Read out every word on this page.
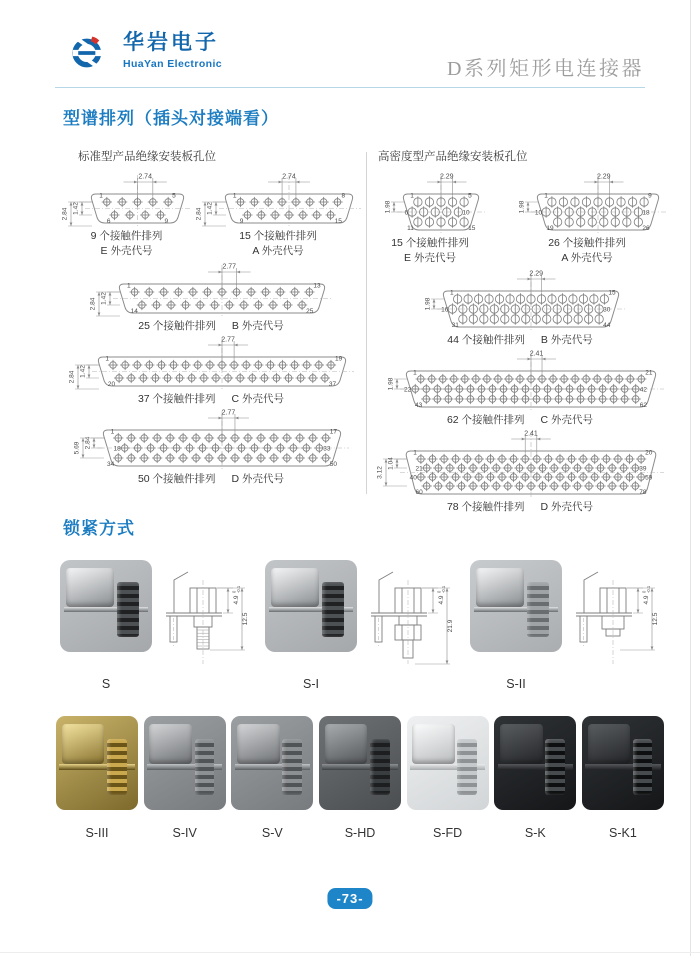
华岩电子
HuaYan Electronic	D系列矩形电连接器
型谱排列（插头对接端看）
标准型产品绝缘安装板孔位
1	5
6	9
2.74
1.42
2.84
9 个接触件排列
E 外壳代号
1	8
9	15
2.74
1.42
2.84
15 个接触件排列
A 外壳代号
1	13
14	25
2.77
1.42
2.84
25 个接触件排列 B 外壳代号
1	19
20	37
2.77
1.42
2.84
37 个接触件排列 C 外壳代号
1	17
18	33
34	50
2.77
2.84
5.69
50 个接触件排列 D 外壳代号
高密度型产品绝缘安装板孔位
1	5
6	10
11	15
2.29
1.98
15 个接触件排列
E 外壳代号
1	9
10	18
19	26
2.29
1.98
26 个接触件排列
A 外壳代号
1	15
16	30
31	44
2.29
1.98
44 个接触件排列 B 外壳代号
1	21
22	42
43	62
2.41
1.98
62 个接触件排列 C 外壳代号
1	20
21	39
40	59
60	78
2.41
1.04
3.12
78 个接触件排列 D 外壳代号
锁紧方式
4.9
0 -0.1
12.5
S
4.9
0 -0.1
21.9
S-I
4.9
0 -0.1
12.5
S-II
S-III	S-IV	S-V	S-HD	S-FD	S-K	S-K1
-73-
